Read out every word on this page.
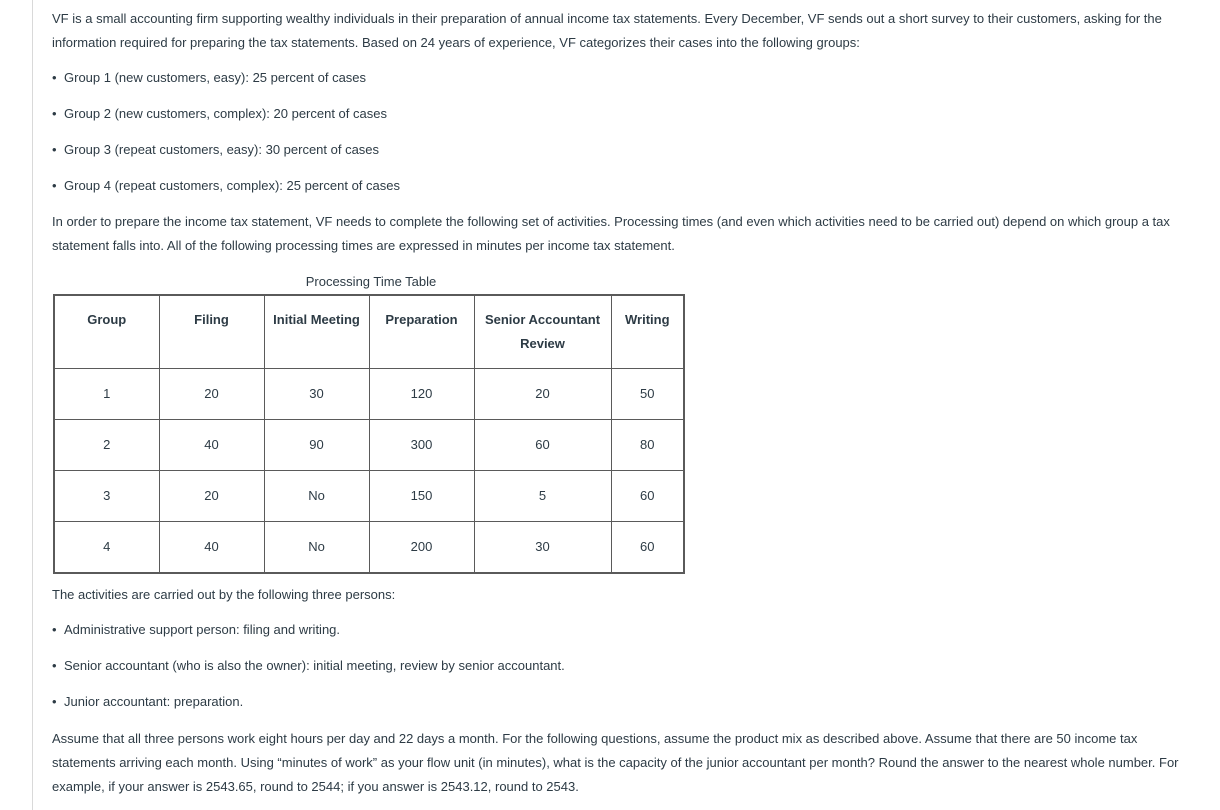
VF is a small accounting firm supporting wealthy individuals in their preparation of annual income tax statements. Every December, VF sends out a short survey to their customers, asking for the information required for preparing the tax statements. Based on 24 years of experience, VF categorizes their cases into the following groups:

• Group 1 (new customers, easy): 25 percent of cases
• Group 2 (new customers, complex): 20 percent of cases
• Group 3 (repeat customers, easy): 30 percent of cases
• Group 4 (repeat customers, complex): 25 percent of cases

In order to prepare the income tax statement, VF needs to complete the following set of activities. Processing times (and even which activities need to be carried out) depend on which group a tax statement falls into. All of the following processing times are expressed in minutes per income tax statement.

Processing Time Table
Group	Filing	Initial Meeting	Preparation	Senior Accountant Review	Writing
1	20	30	120	20	50
2	40	90	300	60	80
3	20	No	150	5	60
4	40	No	200	30	60

The activities are carried out by the following three persons:

• Administrative support person: filing and writing.
• Senior accountant (who is also the owner): initial meeting, review by senior accountant.
• Junior accountant: preparation.

Assume that all three persons work eight hours per day and 22 days a month. For the following questions, assume the product mix as described above. Assume that there are 50 income tax statements arriving each month. Using “minutes of work” as your flow unit (in minutes), what is the capacity of the junior accountant per month? Round the answer to the nearest whole number. For example, if your answer is 2543.65, round to 2544; if you answer is 2543.12, round to 2543.
